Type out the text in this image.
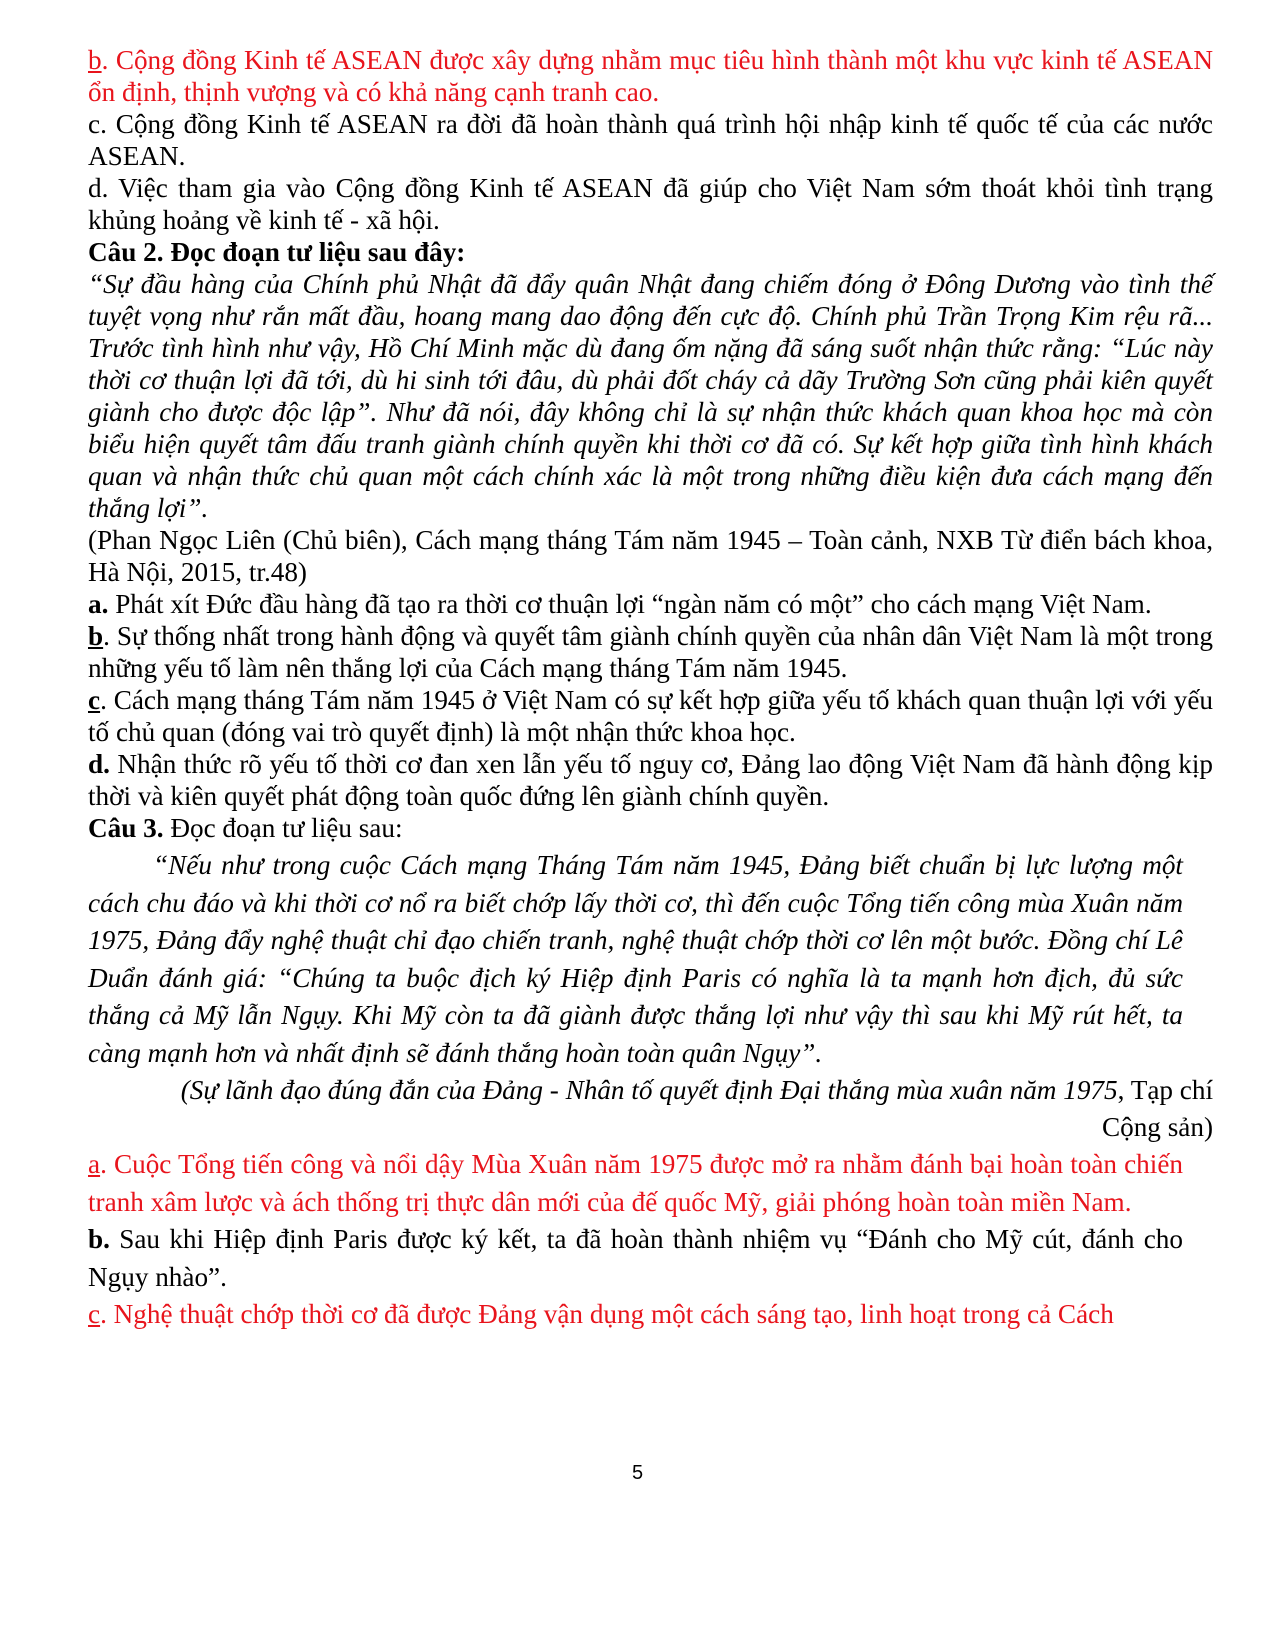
b. Cộng đồng Kinh tế ASEAN được xây dựng nhằm mục tiêu hình thành một khu vực kinh tế ASEAN ổn định, thịnh vượng và có khả năng cạnh tranh cao.

c. Cộng đồng Kinh tế ASEAN ra đời đã hoàn thành quá trình hội nhập kinh tế quốc tế của các nước ASEAN.

d. Việc tham gia vào Cộng đồng Kinh tế ASEAN đã giúp cho Việt Nam sớm thoát khỏi tình trạng khủng hoảng về kinh tế - xã hội.

Câu 2. Đọc đoạn tư liệu sau đây:

“Sự đầu hàng của Chính phủ Nhật đã đẩy quân Nhật đang chiếm đóng ở Đông Dương vào tình thế tuyệt vọng như rắn mất đầu, hoang mang dao động đến cực độ. Chính phủ Trần Trọng Kim rệu rã... Trước tình hình như vậy, Hồ Chí Minh mặc dù đang ốm nặng đã sáng suốt nhận thức rằng: “Lúc này thời cơ thuận lợi đã tới, dù hi sinh tới đâu, dù phải đốt cháy cả dãy Trường Sơn cũng phải kiên quyết giành cho được độc lập”. Như đã nói, đây không chỉ là sự nhận thức khách quan khoa học mà còn biểu hiện quyết tâm đấu tranh giành chính quyền khi thời cơ đã có. Sự kết hợp giữa tình hình khách quan và nhận thức chủ quan một cách chính xác là một trong những điều kiện đưa cách mạng đến thắng lợi”.

(Phan Ngọc Liên (Chủ biên), Cách mạng tháng Tám năm 1945 – Toàn cảnh, NXB Từ điển bách khoa, Hà Nội, 2015, tr.48)

a. Phát xít Đức đầu hàng đã tạo ra thời cơ thuận lợi “ngàn năm có một” cho cách mạng Việt Nam.

b. Sự thống nhất trong hành động và quyết tâm giành chính quyền của nhân dân Việt Nam là một trong những yếu tố làm nên thắng lợi của Cách mạng tháng Tám năm 1945.

c. Cách mạng tháng Tám năm 1945 ở Việt Nam có sự kết hợp giữa yếu tố khách quan thuận lợi với yếu tố chủ quan (đóng vai trò quyết định) là một nhận thức khoa học.

d. Nhận thức rõ yếu tố thời cơ đan xen lẫn yếu tố nguy cơ, Đảng lao động Việt Nam đã hành động kịp thời và kiên quyết phát động toàn quốc đứng lên giành chính quyền.

Câu 3. Đọc đoạn tư liệu sau:

“Nếu như trong cuộc Cách mạng Tháng Tám năm 1945, Đảng biết chuẩn bị lực lượng một cách chu đáo và khi thời cơ nổ ra biết chớp lấy thời cơ, thì đến cuộc Tổng tiến công mùa Xuân năm 1975, Đảng đẩy nghệ thuật chỉ đạo chiến tranh, nghệ thuật chớp thời cơ lên một bước. Đồng chí Lê Duẩn đánh giá: “Chúng ta buộc địch ký Hiệp định Paris có nghĩa là ta mạnh hơn địch, đủ sức thắng cả Mỹ lẫn Ngụy. Khi Mỹ còn ta đã giành được thắng lợi như vậy thì sau khi Mỹ rút hết, ta càng mạnh hơn và nhất định sẽ đánh thắng hoàn toàn quân Ngụy”.

(Sự lãnh đạo đúng đắn của Đảng - Nhân tố quyết định Đại thắng mùa xuân năm 1975, Tạp chí Cộng sản)

a. Cuộc Tổng tiến công và nổi dậy Mùa Xuân năm 1975 được mở ra nhằm đánh bại hoàn toàn chiến tranh xâm lược và ách thống trị thực dân mới của đế quốc Mỹ, giải phóng hoàn toàn miền Nam.

b. Sau khi Hiệp định Paris được ký kết, ta đã hoàn thành nhiệm vụ “Đánh cho Mỹ cút, đánh cho Ngụy nhào”.

c. Nghệ thuật chớp thời cơ đã được Đảng vận dụng một cách sáng tạo, linh hoạt trong cả Cách

5
